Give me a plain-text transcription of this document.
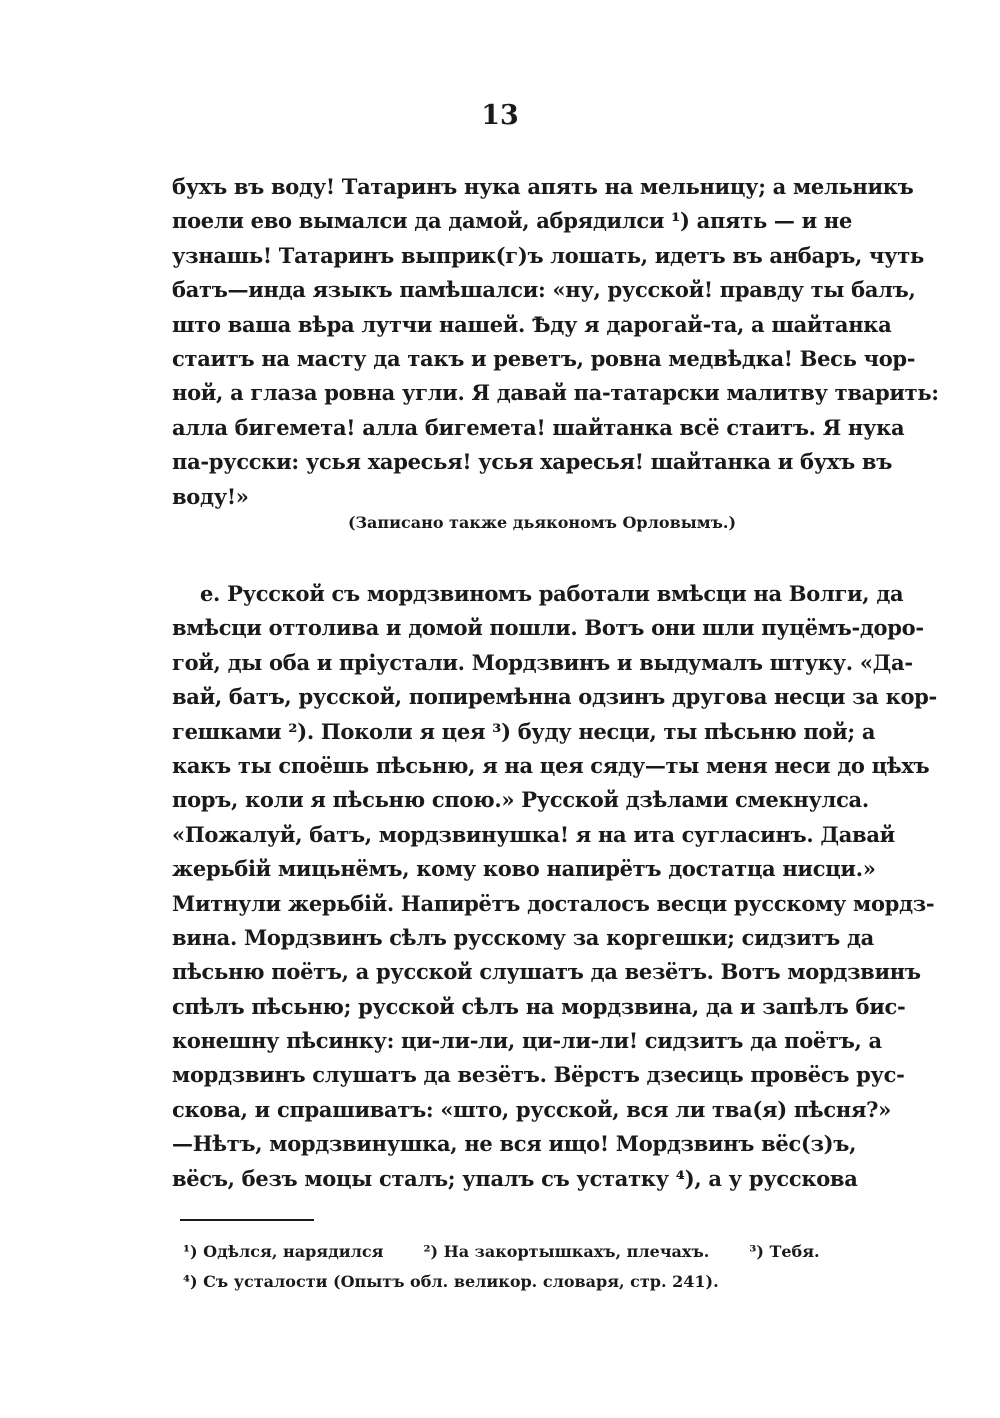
13
бухъ въ воду! Татаринъ нука апять на мельницу; а мельникъ
поели ево вымалси да дамой, абрядилси ¹) апять — и не
узнашь! Татаринъ выприк(г)ъ лошать, идетъ въ анбаръ, чуть
батъ—инда языкъ памѣшалси: «ну, русской! правду ты балъ,
што ваша вѣра лутчи нашей. Ѣду я дарогай-та, а шайтанка
стаитъ на масту да такъ и реветъ, ровна медвѣдка! Весь чор-
ной, а глаза ровна угли. Я давай па-татарски малитву тварить:
алла бигемета! алла бигемета! шайтанка всё стаитъ. Я нука
па-русски: усья харесья! усья харесья! шайтанка и бухъ въ
воду!»
(Записано также дьякономъ Орловымъ.)
е. Русской съ мордзвиномъ работали вмѣсци на Волги, да
вмѣсци оттолива и домой пошли. Вотъ они шли пуцёмъ-дорo-
гой, ды оба и пріустали. Мордзвинъ и выдумалъ штуку. «Да-
вай, батъ, русской, попиремѣнна одзинъ другова несци за кор-
гешками ²). Поколи я цея ³) буду несци, ты пѣсьню пой; а
какъ ты споёшь пѣсьню, я на цея сяду—ты меня неси до цѣхъ
поръ, коли я пѣсьню спою.» Русской дзѣлами смекнулса.
«Пожалуй, батъ, мордзвинушка! я на ита сугласинъ. Давай
жерьбій мицьнёмъ, кому ково напирётъ достатца нисци.»
Митнули жерьбій. Напирётъ досталосъ весци русскому мордз-
вина. Мордзвинъ сѣлъ русскому за коргешки; сидзитъ да
пѣсьню поётъ, а русской слушатъ да везётъ. Вотъ мордзвинъ
спѣлъ пѣсьню; русской сѣлъ на мордзвина, да и запѣлъ бис-
конешну пѣсинку: ци-ли-ли, ци-ли-ли! сидзитъ да поётъ, а
мордзвинъ слушатъ да везётъ. Вёрстъ дзесиць провёсъ рус-
скова, и спрашиватъ: «што, русской, вся ли тва(я) пѣсня?»
—Нѣтъ, мордзвинушка, не вся ищо! Мордзвинъ вёс(з)ъ,
вёсъ, безъ моцы сталъ; упалъ съ устатку ⁴), а у русскова
¹) Одѣлся, нарядился	²) На закортышкахъ, плечахъ.	³) Тебя.
⁴) Съ усталости (Опытъ обл. великор. словаря, стр. 241).
